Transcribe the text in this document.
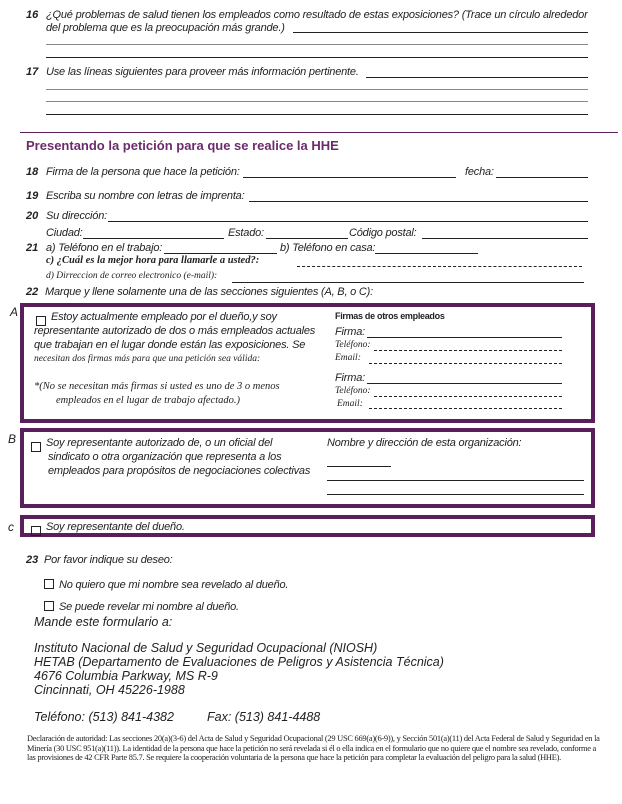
16 ¿Qué problemas de salud tienen los empleados como resultado de estas exposiciones? (Trace un círculo alrededor
del problema que es la preocupación más grande.)
17 Use las líneas siguientes para proveer más información pertinente.
Presentando la petición para que se realice la HHE
18 Firma de la persona que hace la petición:	fecha:
19 Escriba su nombre con letras de imprenta:
20 Su dirección:
Ciudad:	Estado:	Código postal:
21 a) Teléfono en el trabajo:	b) Teléfono en casa:
c) ¿Cuál es la mejor hora para llamarle a usted?:
d) Dirreccion de correo electronico (e-mail):
22 Marque y llene solamente una de las secciones siguientes (A, B, o C):
A	Estoy actualmente empleado por el dueño,y soy
representante autorizado de dos o más empleados actuales
que trabajan en el lugar donde están las exposiciones. Se
necesitan dos firmas más para que una petición sea válida:
*(No se necesitan más firmas si usted es uno de 3 o menos
empleados en el lugar de trabajo afectado.)
Firmas de otros empleados
Firma:
Teléfono:
Email:
Firma:
Teléfono:
Email:
B	Soy representante autorizado de, o un oficial del
sindicato o otra organización que representa a los
empleados para propósitos de negociaciones colectivas
Nombre y dirección de esta organización:
c	Soy representante del dueño.
23 Por favor indique su deseo:
No quiero que mi nombre sea revelado al dueño.
Se puede revelar mi nombre al dueño.
Mande este formulario a:
Instituto Nacional de Salud y Seguridad Ocupacional (NIOSH)
HETAB (Departamento de Evaluaciones de Peligros y Asistencia Técnica)
4676 Columbia Parkway, MS R-9
Cincinnati, OH 45226-1988
Teléfono: (513) 841-4382	Fax: (513) 841-4488
Declaración de autoridad: Las secciones 20(a)(3-6) del Acta de Salud y Seguridad Ocupacional (29 USC 669(a)(6-9)), y Sección 501(a)(11) del Acta Federal de Salud y Seguridad en la Minería (30 USC 951(a)(11)). La identidad de la persona que hace la petición no será revelada si él o ella indica en el formulario que no quiere que el nombre sea revelado, conforme a las provisiones de 42 CFR Parte 85.7. Se requiere la cooperación voluntaria de la persona que hace la petición para completar la evaluación del peligro para la salud (HHE).
